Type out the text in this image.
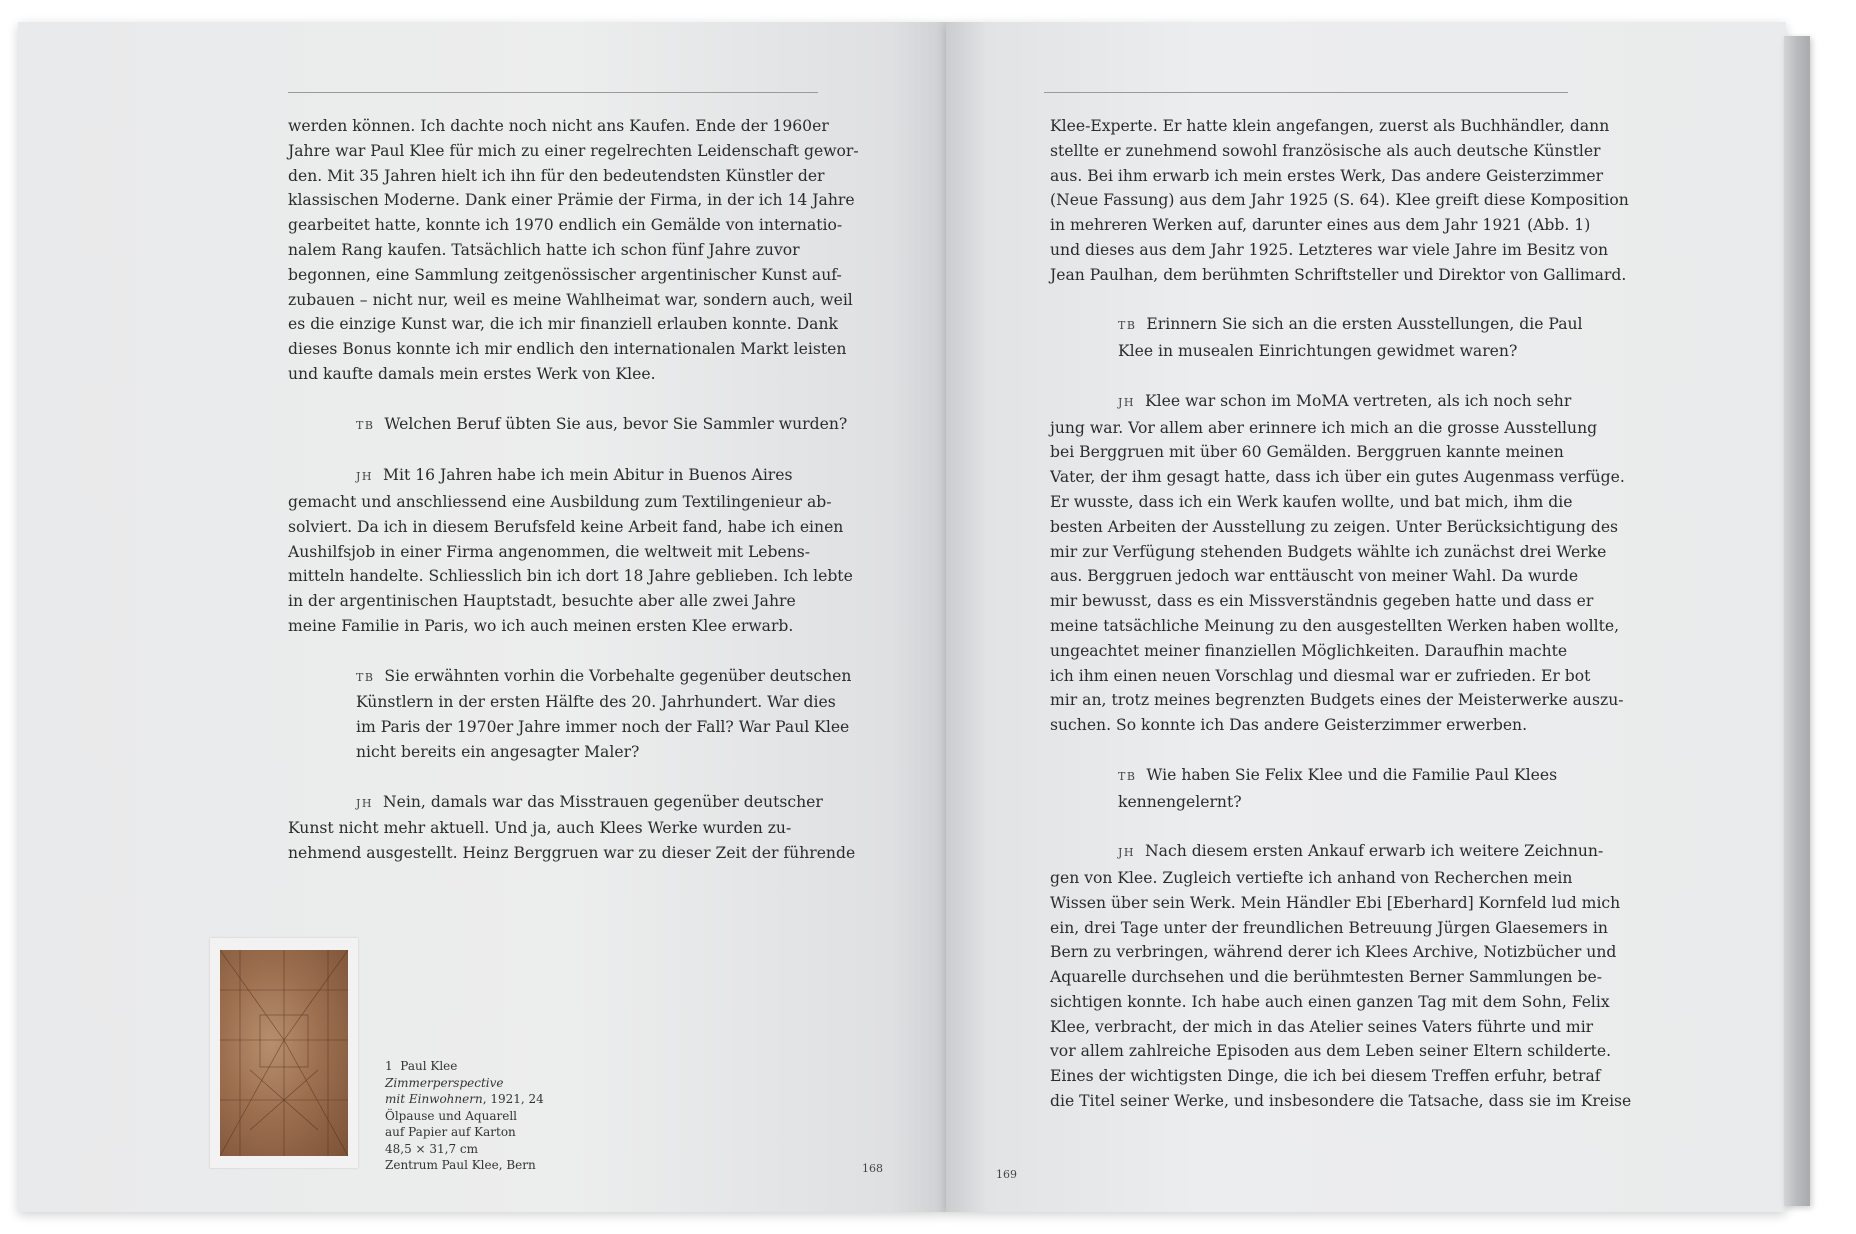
werden können. Ich dachte noch nicht ans Kaufen. Ende der 1960er

Jahre war Paul Klee für mich zu einer regelrechten Leidenschaft gewor-

den. Mit 35 Jahren hielt ich ihn für den bedeutendsten Künstler der

klassischen Moderne. Dank einer Prämie der Firma, in der ich 14 Jahre

gearbeitet hatte, konnte ich 1970 endlich ein Gemälde von internatio-

nalem Rang kaufen. Tatsächlich hatte ich schon fünf Jahre zuvor

begonnen, eine Sammlung zeitgenössischer argentinischer Kunst auf-

zubauen – nicht nur, weil es meine Wahlheimat war, sondern auch, weil

es die einzige Kunst war, die ich mir finanziell erlauben konnte. Dank

dieses Bonus konnte ich mir endlich den internationalen Markt leisten

und kaufte damals mein erstes Werk von Klee.

TB Welchen Beruf übten Sie aus, bevor Sie Sammler wurden?

JH Mit 16 Jahren habe ich mein Abitur in Buenos Aires

gemacht und anschliessend eine Ausbildung zum Textilingenieur ab-

solviert. Da ich in diesem Berufsfeld keine Arbeit fand, habe ich einen

Aushilfsjob in einer Firma angenommen, die weltweit mit Lebens-

mitteln handelte. Schliesslich bin ich dort 18 Jahre geblieben. Ich lebte

in der argentinischen Hauptstadt, besuchte aber alle zwei Jahre

meine Familie in Paris, wo ich auch meinen ersten Klee erwarb.

TB Sie erwähnten vorhin die Vorbehalte gegenüber deutschen

Künstlern in der ersten Hälfte des 20. Jahrhundert. War dies

im Paris der 1970er Jahre immer noch der Fall? War Paul Klee

nicht bereits ein angesagter Maler?

JH Nein, damals war das Misstrauen gegenüber deutscher

Kunst nicht mehr aktuell. Und ja, auch Klees Werke wurden zu-

nehmend ausgestellt. Heinz Berggruen war zu dieser Zeit der führende

Klee-Experte. Er hatte klein angefangen, zuerst als Buchhändler, dann

stellte er zunehmend sowohl französische als auch deutsche Künstler

aus. Bei ihm erwarb ich mein erstes Werk, Das andere Geisterzimmer

(Neue Fassung) aus dem Jahr 1925 (S. 64). Klee greift diese Komposition

in mehreren Werken auf, darunter eines aus dem Jahr 1921 (Abb. 1)

und dieses aus dem Jahr 1925. Letzteres war viele Jahre im Besitz von

Jean Paulhan, dem berühmten Schriftsteller und Direktor von Gallimard.

TB Erinnern Sie sich an die ersten Ausstellungen, die Paul

Klee in musealen Einrichtungen gewidmet waren?

JH Klee war schon im MoMA vertreten, als ich noch sehr

jung war. Vor allem aber erinnere ich mich an die grosse Ausstellung

bei Berggruen mit über 60 Gemälden. Berggruen kannte meinen

Vater, der ihm gesagt hatte, dass ich über ein gutes Augenmass verfüge.

Er wusste, dass ich ein Werk kaufen wollte, und bat mich, ihm die

besten Arbeiten der Ausstellung zu zeigen. Unter Berücksichtigung des

mir zur Verfügung stehenden Budgets wählte ich zunächst drei Werke

aus. Berggruen jedoch war enttäuscht von meiner Wahl. Da wurde

mir bewusst, dass es ein Missverständnis gegeben hatte und dass er

meine tatsächliche Meinung zu den ausgestellten Werken haben wollte,

ungeachtet meiner finanziellen Möglichkeiten. Daraufhin machte

ich ihm einen neuen Vorschlag und diesmal war er zufrieden. Er bot

mir an, trotz meines begrenzten Budgets eines der Meisterwerke auszu-

suchen. So konnte ich Das andere Geisterzimmer erwerben.

TB Wie haben Sie Felix Klee und die Familie Paul Klees

kennengelernt?

JH Nach diesem ersten Ankauf erwarb ich weitere Zeichnun-

gen von Klee. Zugleich vertiefte ich anhand von Recherchen mein

Wissen über sein Werk. Mein Händler Ebi [Eberhard] Kornfeld lud mich

ein, drei Tage unter der freundlichen Betreuung Jürgen Glaesemers in

Bern zu verbringen, während derer ich Klees Archive, Notizbücher und

Aquarelle durchsehen und die berühmtesten Berner Sammlungen be-

sichtigen konnte. Ich habe auch einen ganzen Tag mit dem Sohn, Felix

Klee, verbracht, der mich in das Atelier seines Vaters führte und mir

vor allem zahlreiche Episoden aus dem Leben seiner Eltern schilderte.

Eines der wichtigsten Dinge, die ich bei diesem Treffen erfuhr, betraf

die Titel seiner Werke, und insbesondere die Tatsache, dass sie im Kreise

1 Paul Klee
Zimmerperspective
mit Einwohnern, 1921, 24
Ölpause und Aquarell
auf Papier auf Karton
48,5 × 31,7 cm
Zentrum Paul Klee, Bern	168	169
